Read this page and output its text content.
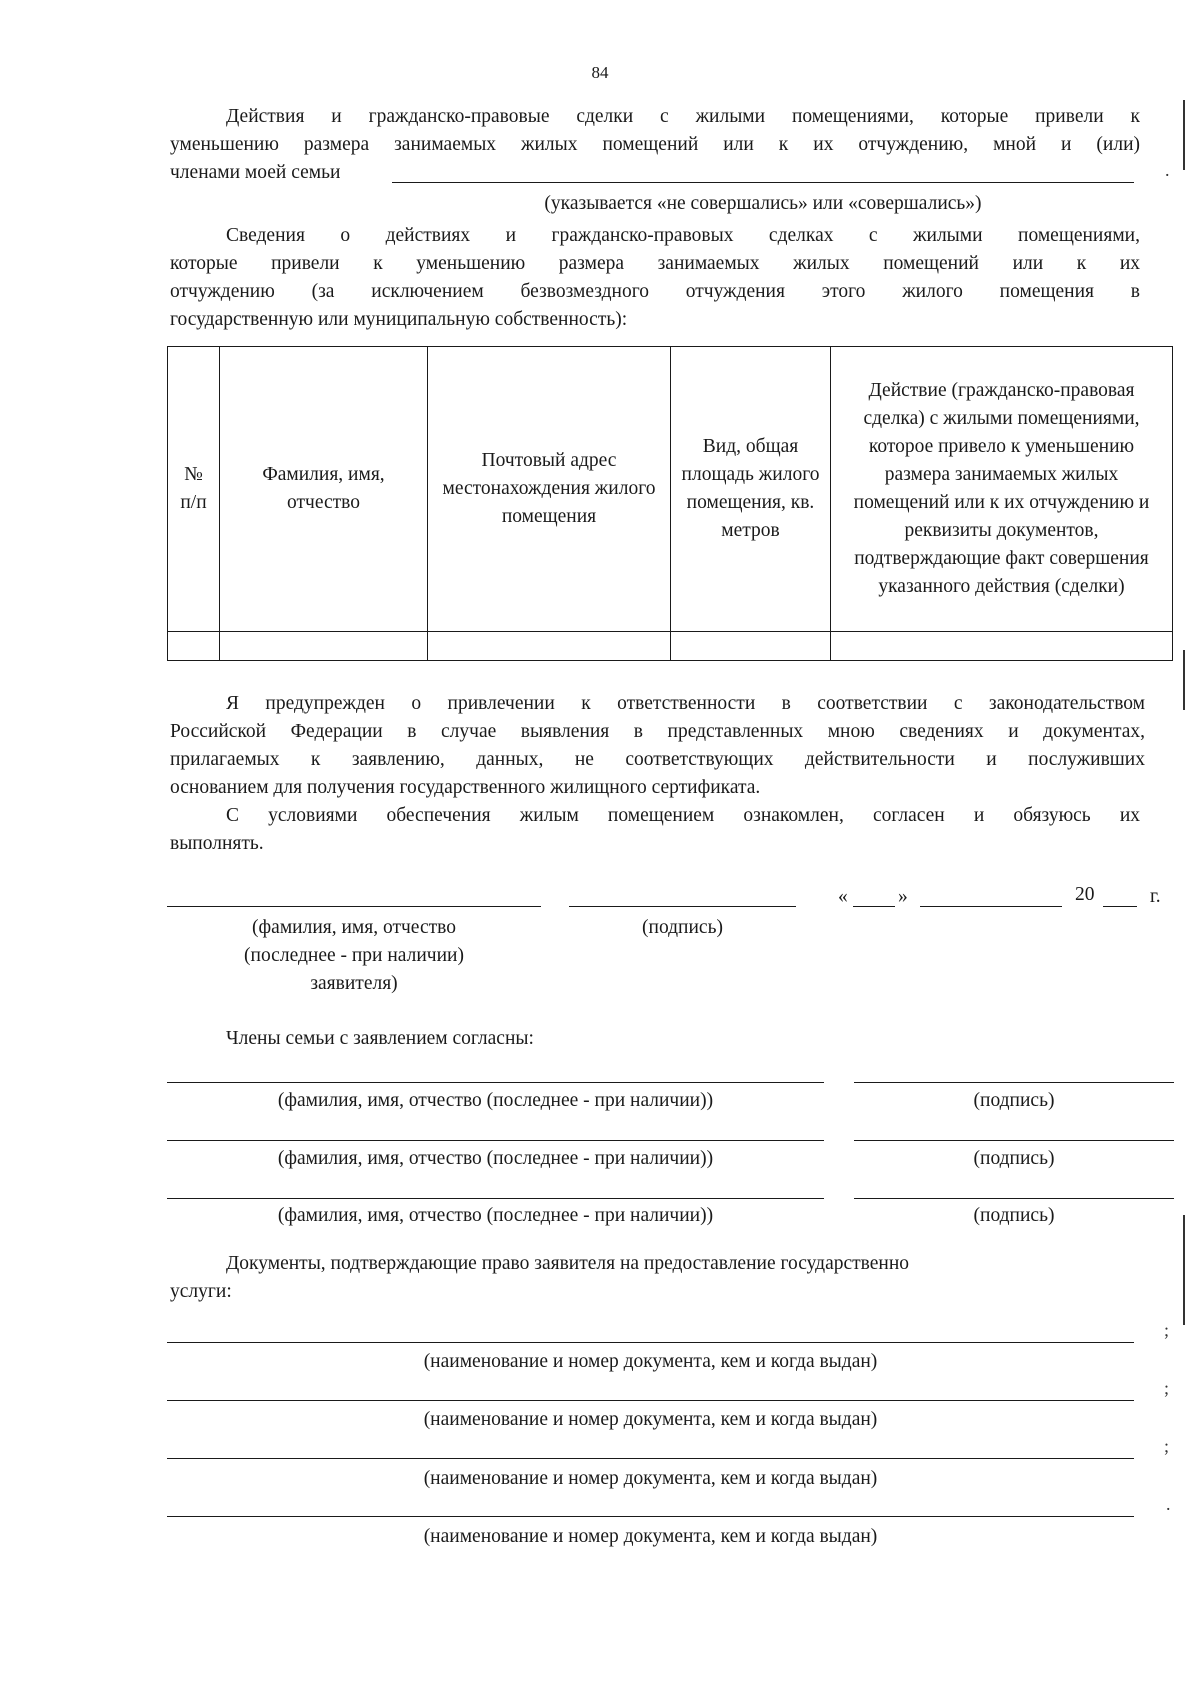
84
Действия и гражданско-правовые сделки с жилыми помещениями, которые привели к
уменьшению размера занимаемых жилых помещений или к их отчуждению, мной и (или)
членами моей семьи	.
(указывается «не совершались» или «совершались»)
Сведения о действиях и гражданско-правовых сделках с жилыми помещениями,
которые привели к уменьшению размера занимаемых жилых помещений или к их
отчуждению (за исключением безвозмездного отчуждения этого жилого помещения в
государственную или муниципальную собственность):
№ п/п	Фамилия, имя, отчество	Почтовый адрес местонахождения жилого помещения	Вид, общая площадь жилого помещения, кв. метров	Действие (гражданско-правовая сделка) с жилыми помещениями, которое привело к уменьшению размера занимаемых жилых помещений или к их отчуждению и реквизиты документов, подтверждающие факт совершения указанного действия (сделки)

Я предупрежден о привлечении к ответственности в соответствии с законодательством
Российской Федерации в случае выявления в представленных мною сведениях и документах,
прилагаемых к заявлению, данных, не соответствующих действительности и послуживших
основанием для получения государственного жилищного сертификата.
С условиями обеспечения жилым помещением ознакомлен, согласен и обязуюсь их
выполнять.
«	»	20	г.
(фамилия, имя, отчество
(последнее - при наличии)
заявителя)
(подпись)
Члены семьи с заявлением согласны:
(фамилия, имя, отчество (последнее - при наличии))	(подпись)
(фамилия, имя, отчество (последнее - при наличии))	(подпись)
(фамилия, имя, отчество (последнее - при наличии))	(подпись)
Документы, подтверждающие право заявителя на предоставление государственно
услуги:
;
(наименование и номер документа, кем и когда выдан)
;
(наименование и номер документа, кем и когда выдан)
;
(наименование и номер документа, кем и когда выдан)
.
(наименование и номер документа, кем и когда выдан)
